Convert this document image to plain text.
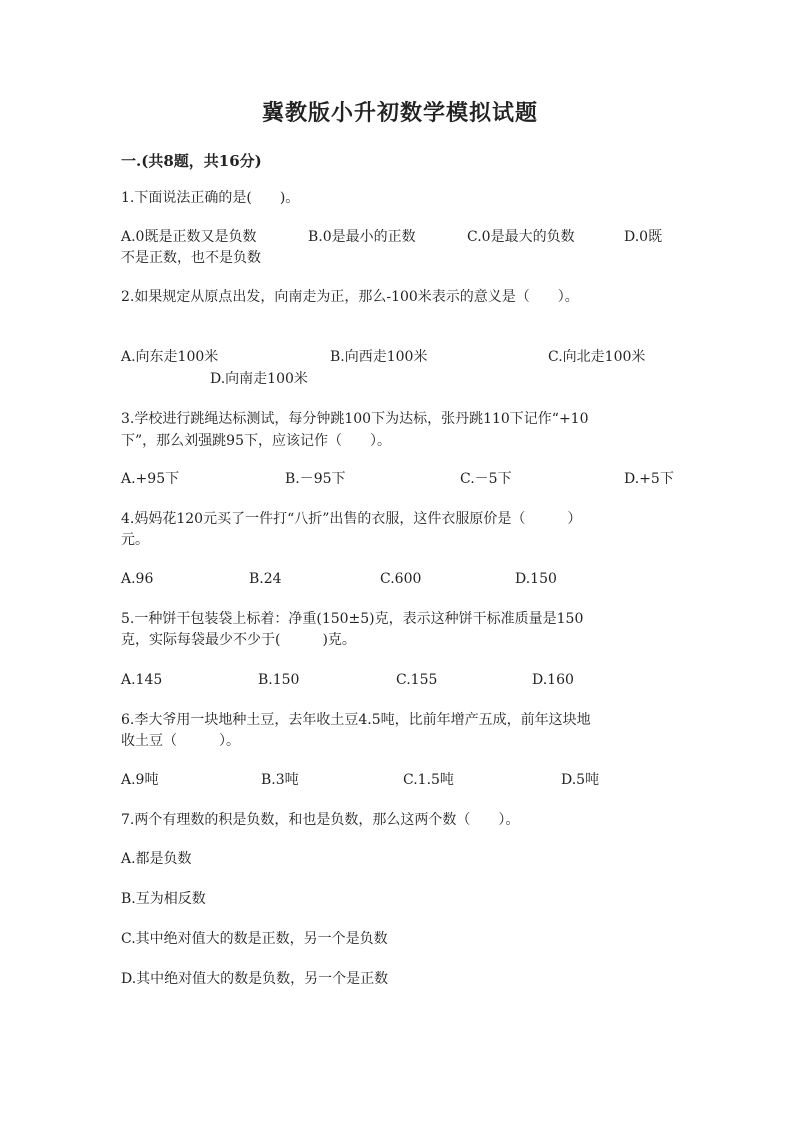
冀教版小升初数学模拟试题
一.(共8题，共16分)
1.下面说法正确的是(　　)。
A.0既是正数又是负数	B.0是最小的正数	C.0是最大的负数	D.0既
不是正数，也不是负数
2.如果规定从原点出发，向南走为正，那么-100米表示的意义是（　　）。
A.向东走100米	B.向西走100米	C.向北走100米
D.向南走100米
3.学校进行跳绳达标测试，每分钟跳100下为达标，张丹跳110下记作“+10
下”，那么刘强跳95下，应该记作（　　）。
A.+95下	B.－95下	C.－5下	D.+5下
4.妈妈花120元买了一件打“八折”出售的衣服，这件衣服原价是（　　　）
元。
A.96	B.24	C.600	D.150
5.一种饼干包装袋上标着：净重(150±5)克，表示这种饼干标准质量是150
克，实际每袋最少不少于(　　　)克。
A.145	B.150	C.155	D.160
6.李大爷用一块地种土豆，去年收土豆4.5吨，比前年增产五成，前年这块地
收土豆（　　　）。
A.9吨	B.3吨	C.1.5吨	D.5吨
7.两个有理数的积是负数，和也是负数，那么这两个数（　　）。
A.都是负数
B.互为相反数
C.其中绝对值大的数是正数，另一个是负数
D.其中绝对值大的数是负数，另一个是正数
